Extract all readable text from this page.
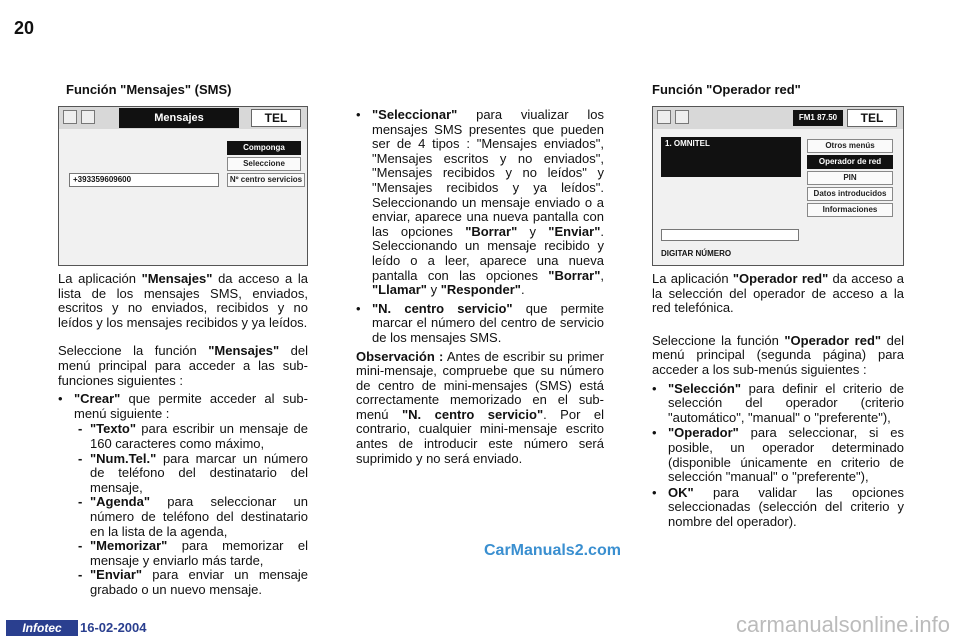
20
Función "Mensajes" (SMS)
Mensajes	TEL
Componga
Seleccione
Nº centro servicios
+393359609600

La aplicación "Mensajes" da acceso a la lista de los mensajes SMS, enviados, escritos y no enviados, recibidos y no leídos y los mensajes recibidos y ya leídos.

Seleccione la función "Mensajes" del menú principal para acceder a las sub-funciones siguientes :

• "Crear" que permite acceder al sub-menú siguiente :
- "Texto" para escribir un mensaje de 160 caracteres como máximo,
- "Num.Tel." para marcar un número de teléfono del destinatario del mensaje,
- "Agenda" para seleccionar un número de teléfono del destinatario en la lista de la agenda,
- "Memorizar" para memorizar el mensaje y enviarlo más tarde,
- "Enviar" para enviar un mensaje grabado o un nuevo mensaje.
• "Seleccionar" para viualizar los mensajes SMS presentes que pueden ser de 4 tipos : "Mensajes enviados", "Mensajes escritos y no enviados", "Mensajes recibidos y no leídos" y "Mensajes recibidos y ya leídos". Seleccionando un mensaje enviado o a enviar, aparece una nueva pantalla con las opciones "Borrar" y "Enviar". Seleccionando un mensaje recibido y leído o a leer, aparece una nueva pantalla con las opciones "Borrar", "Llamar" y "Responder".
• "N. centro servicio" que permite marcar el número del centro de servicio de los mensajes SMS.

Observación : Antes de escribir su primer mini-mensaje, compruebe que su número de centro de mini-mensajes (SMS) está correctamente memorizado en el sub-menú "N. centro servicio". Por el contrario, cualquier mini-mensaje escrito antes de introducir este número será suprimido y no será enviado.

Función "Operador red"
FM1 87.50	TEL
Otros menús
Operador de red
PIN
Datos introducidos
Informaciones
1. OMNITEL
DIGITAR NÚMERO

La aplicación "Operador red" da acceso a la selección del operador de acceso a la red telefónica.

Seleccione la función "Operador red" del menú principal (segunda página) para acceder a los sub-menús siguientes :

• "Selección" para definir el criterio de selección del operador (criterio "automático", "manual" o "preferente"),
• "Operador" para seleccionar, si es posible, un operador determinado (disponible únicamente en criterio de selección "manual" o "preferente"),
• OK" para validar las opciones seleccionadas (selección del criterio y nombre del operador).
CarManuals2.com
Infotec	16-02-2004	carmanualsonline.info
